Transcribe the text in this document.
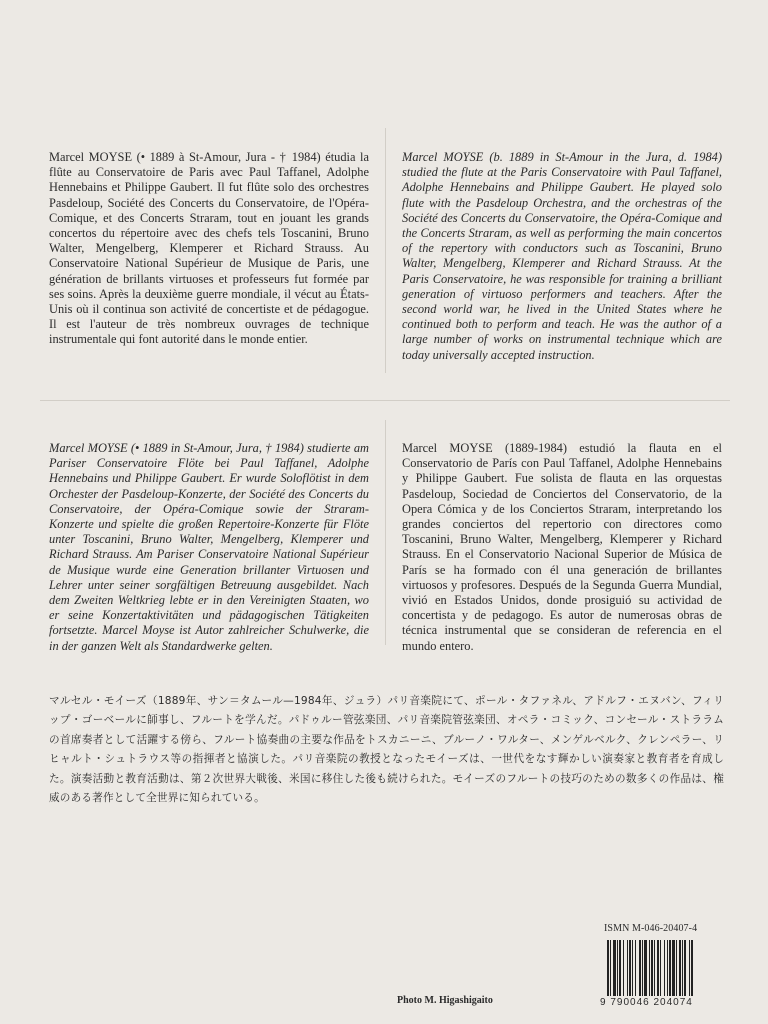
Marcel MOYSE (• 1889 à St-Amour, Jura - † 1984) étudia la flûte au Conservatoire de Paris avec Paul Taffanel, Adolphe Hennebains et Philippe Gaubert. Il fut flûte solo des orchestres Pasdeloup, Société des Concerts du Conservatoire, de l'Opéra-Comique, et des Concerts Straram, tout en jouant les grands concertos du répertoire avec des chefs tels Toscanini, Bruno Walter, Mengelberg, Klemperer et Richard Strauss. Au Conservatoire National Supérieur de Musique de Paris, une génération de brillants virtuoses et professeurs fut formée par ses soins. Après la deuxième guerre mondiale, il vécut au États-Unis où il continua son activité de concertiste et de pédagogue. Il est l'auteur de très nombreux ouvrages de technique instrumentale qui font autorité dans le monde entier.

Marcel MOYSE (b. 1889 in St-Amour in the Jura, d. 1984) studied the flute at the Paris Conservatoire with Paul Taffanel, Adolphe Hennebains and Philippe Gaubert. He played solo flute with the Pasdeloup Orchestra, and the orchestras of the Société des Concerts du Conservatoire, the Opéra-Comique and the Concerts Straram, as well as performing the main concertos of the repertory with conductors such as Toscanini, Bruno Walter, Mengelberg, Klemperer and Richard Strauss. At the Paris Conservatoire, he was responsible for training a brilliant generation of virtuoso performers and teachers. After the second world war, he lived in the United States where he continued both to perform and teach. He was the author of a large number of works on instrumental technique which are today universally accepted instruction.

Marcel MOYSE (• 1889 in St-Amour, Jura, † 1984) studierte am Pariser Conservatoire Flöte bei Paul Taffanel, Adolphe Hennebains und Philippe Gaubert. Er wurde Soloflötist in dem Orchester der Pasdeloup-Konzerte, der Société des Concerts du Conservatoire, der Opéra-Comique sowie der Straram-Konzerte und spielte die großen Repertoire-Konzerte für Flöte unter Toscanini, Bruno Walter, Mengelberg, Klemperer und Richard Strauss. Am Pariser Conservatoire National Supérieur de Musique wurde eine Generation brillanter Virtuosen und Lehrer unter seiner sorgfältigen Betreuung ausgebildet. Nach dem Zweiten Weltkrieg lebte er in den Vereinigten Staaten, wo er seine Konzertaktivitäten und pädagogischen Tätigkeiten fortsetzte. Marcel Moyse ist Autor zahlreicher Schulwerke, die in der ganzen Welt als Standardwerke gelten.

Marcel MOYSE (1889-1984) estudió la flauta en el Conservatorio de París con Paul Taffanel, Adolphe Hennebains y Philippe Gaubert. Fue solista de flauta en las orquestas Pasdeloup, Sociedad de Conciertos del Conservatorio, de la Opera Cómica y de los Conciertos Straram, interpretando los grandes conciertos del repertorio con directores como Toscanini, Bruno Walter, Mengelberg, Klemperer y Richard Strauss. En el Conservatorio Nacional Superior de Música de París se ha formado con él una generación de brillantes virtuosos y profesores. Después de la Segunda Guerra Mundial, vivió en Estados Unidos, donde prosiguió su actividad de concertista y de pedagogo. Es autor de numerosas obras de técnica instrumental que se consideran de referencia en el mundo entero.

マルセル・モイーズ（1889年、サン＝タムール—1984年、ジュラ）パリ音楽院にて、ポール・タファネル、アドルフ・エヌバン、フィリップ・ゴーベールに師事し、フルートを学んだ。パドゥルー管弦楽団、パリ音楽院管弦楽団、オペラ・コミック、コンセール・ストララムの首席奏者として活躍する傍ら、フルート協奏曲の主要な作品をトスカニーニ、ブルーノ・ワルター、メンゲルベルク、クレンペラー、リヒャルト・シュトラウス等の指揮者と協演した。パリ音楽院の教授となったモイーズは、一世代をなす輝かしい演奏家と教育者を育成した。演奏活動と教育活動は、第２次世界大戦後、米国に移住した後も続けられた。モイーズのフルートの技巧のための数多くの作品は、権威のある著作として全世界に知られている。

ISMN M-046-20407-4
9 790046 204074
Photo M. Higashigaito
